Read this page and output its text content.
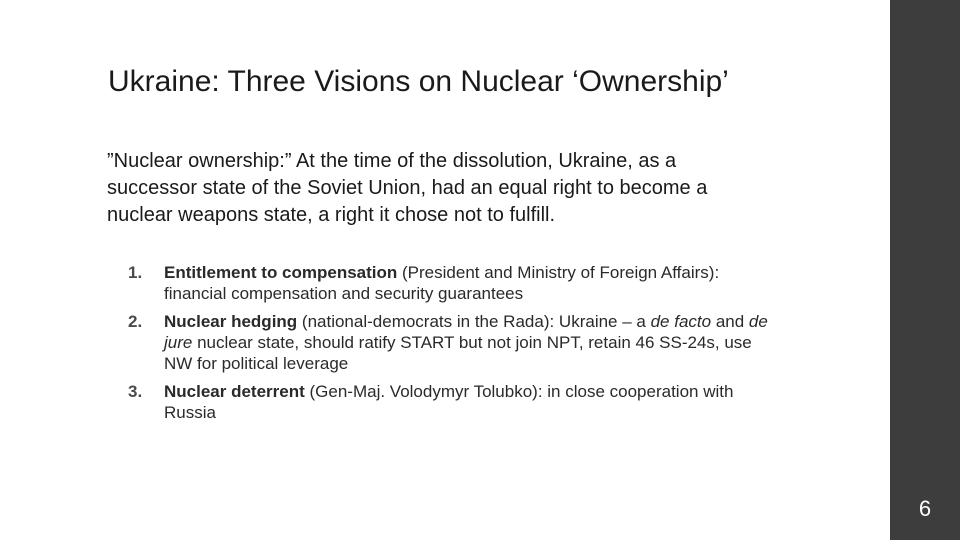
Ukraine: Three Visions on Nuclear ‘Ownership’
”Nuclear ownership:” At the time of the dissolution, Ukraine, as a successor state of the Soviet Union, had an equal right to become a nuclear weapons state, a right it chose not to fulfill.
1. Entitlement to compensation (President and Ministry of Foreign Affairs): financial compensation and security guarantees
2. Nuclear hedging (national-democrats in the Rada): Ukraine – a de facto and de jure nuclear state, should ratify START but not join NPT, retain 46 SS-24s, use NW for political leverage
3. Nuclear deterrent (Gen-Maj. Volodymyr Tolubko): in close cooperation with Russia
6
